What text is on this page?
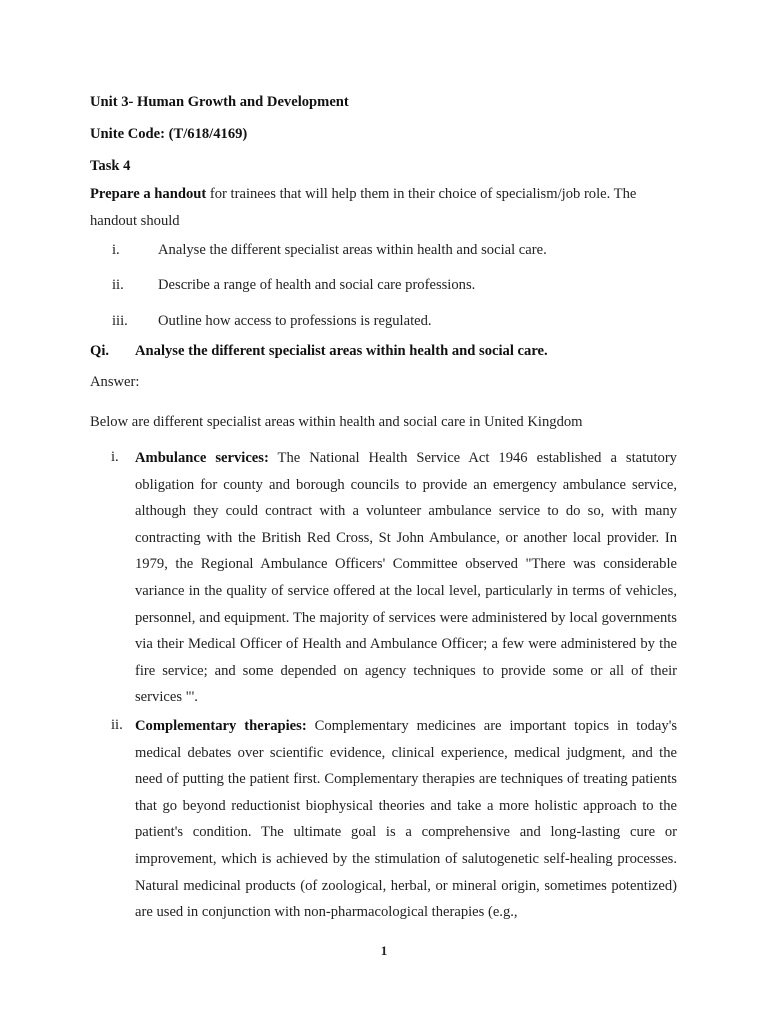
Unit 3- Human Growth and Development
Unite Code: (T/618/4169)
Task 4
Prepare a handout for trainees that will help them in their choice of specialism/job role. The
handout should
i.	Analyse the different specialist areas within health and social care.
ii. Describe a range of health and social care professions.
iii. Outline how access to professions is regulated.
Qi. Analyse the different specialist areas within health and social care.
Answer:
Below are different specialist areas within health and social care in United Kingdom
i. Ambulance services: The National Health Service Act 1946 established a statutory obligation for county and borough councils to provide an emergency ambulance service, although they could contract with a volunteer ambulance service to do so, with many contracting with the British Red Cross, St John Ambulance, or another local provider. In 1979, the Regional Ambulance Officers' Committee observed "There was considerable variance in the quality of service offered at the local level, particularly in terms of vehicles, personnel, and equipment. The majority of services were administered by local governments via their Medical Officer of Health and Ambulance Officer; a few were administered by the fire service; and some depended on agency techniques to provide some or all of their services "'.
ii. Complementary therapies: Complementary medicines are important topics in today's medical debates over scientific evidence, clinical experience, medical judgment, and the need of putting the patient first. Complementary therapies are techniques of treating patients that go beyond reductionist biophysical theories and take a more holistic approach to the patient's condition. The ultimate goal is a comprehensive and long-lasting cure or improvement, which is achieved by the stimulation of salutogenetic self-healing processes. Natural medicinal products (of zoological, herbal, or mineral origin, sometimes potentized) are used in conjunction with non-pharmacological therapies (e.g.,
1
